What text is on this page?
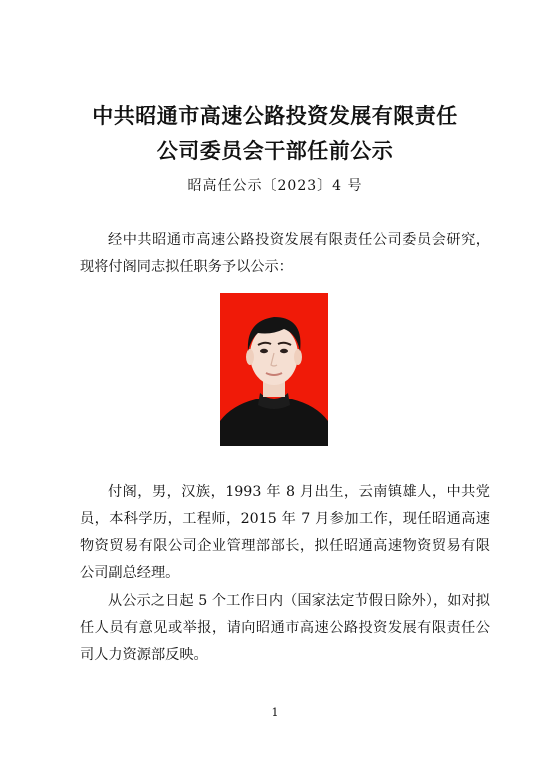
中共昭通市高速公路投资发展有限责任
公司委员会干部任前公示
昭高任公示〔2023〕4 号
经中共昭通市高速公路投资发展有限责任公司委员会研究，现将付阁同志拟任职务予以公示：
付阁，男，汉族，1993 年 8 月出生，云南镇雄人，中共党员，本科学历，工程师，2015 年 7 月参加工作，现任昭通高速物资贸易有限公司企业管理部部长，拟任昭通高速物资贸易有限公司副总经理。
从公示之日起 5 个工作日内（国家法定节假日除外），如对拟任人员有意见或举报，请向昭通市高速公路投资发展有限责任公司人力资源部反映。
1
